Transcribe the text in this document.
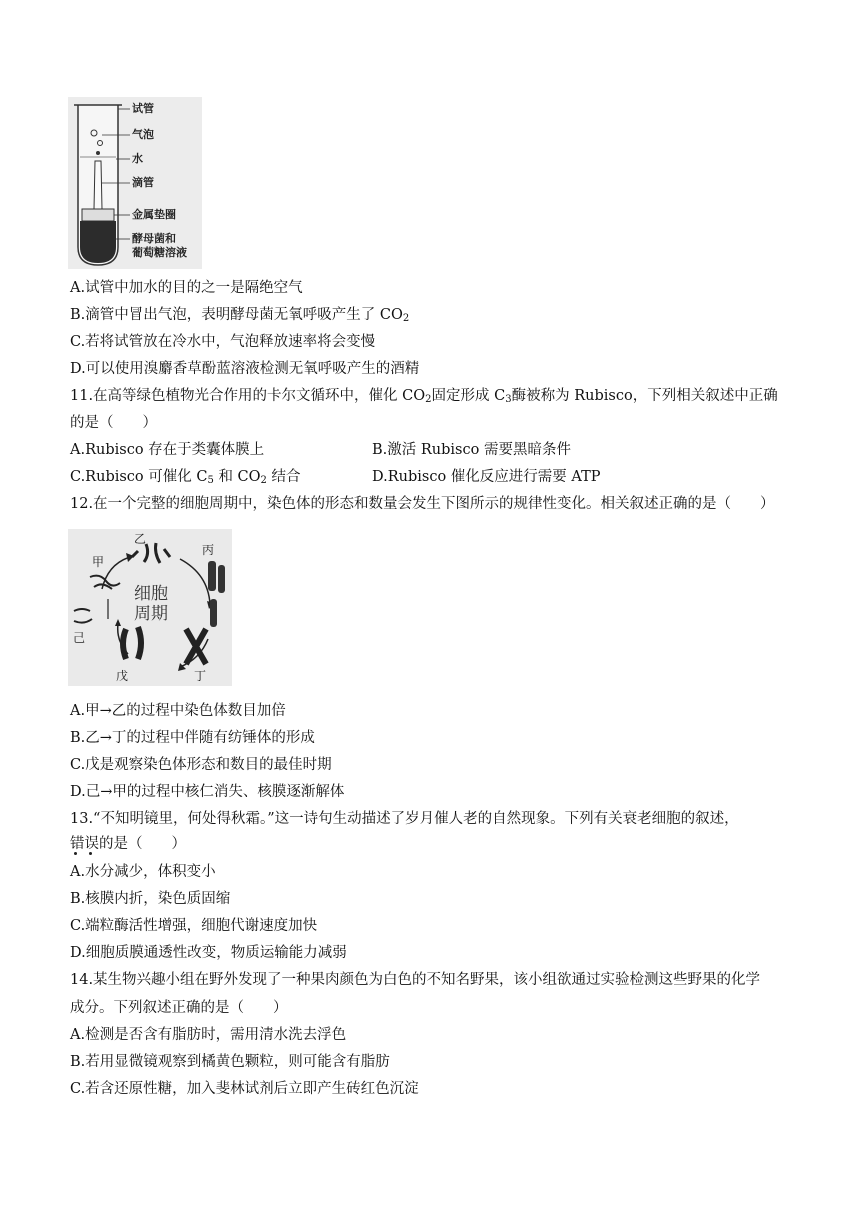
试管
气泡
水
滴管
金属垫圈
酵母菌和
葡萄糖溶液
A.试管中加水的目的之一是隔绝空气
B.滴管中冒出气泡，表明酵母菌无氧呼吸产生了 $CO_2$
C.若将试管放在冷水中，气泡释放速率将会变慢
D.可以使用溴麝香草酚蓝溶液检测无氧呼吸产生的酒精
11.在高等绿色植物光合作用的卡尔文循环中，催化 $CO_2$固定形成 $C_3$酶被称为 Rubisco，下列相关叙述中正确
的是（　　）
A.Rubisco 存在于类囊体膜上	B.激活 Rubisco 需要黑暗条件
C.Rubisco 可催化 $C_5$ 和 $CO_2$ 结合	D.Rubisco 催化反应进行需要 ATP
12.在一个完整的细胞周期中，染色体的形态和数量会发生下图所示的规律性变化。相关叙述正确的是（　　）
乙
丙
甲
己
戊	丁
细胞
周期
A.甲→乙的过程中染色体数目加倍
B.乙→丁的过程中伴随有纺锤体的形成
C.戊是观察染色体形态和数目的最佳时期
D.己→甲的过程中核仁消失、核膜逐渐解体
13.“不知明镜里，何处得秋霜。”这一诗句生动描述了岁月催人老的自然现象。下列有关衰老细胞的叙述，
错误的是（　　）
A.水分减少，体积变小
B.核膜内折，染色质固缩
C.端粒酶活性增强，细胞代谢速度加快
D.细胞质膜通透性改变，物质运输能力减弱
14.某生物兴趣小组在野外发现了一种果肉颜色为白色的不知名野果，该小组欲通过实验检测这些野果的化学
成分。下列叙述正确的是（　　）
A.检测是否含有脂肪时，需用清水洗去浮色
B.若用显微镜观察到橘黄色颗粒，则可能含有脂肪
C.若含还原性糖，加入斐林试剂后立即产生砖红色沉淀
